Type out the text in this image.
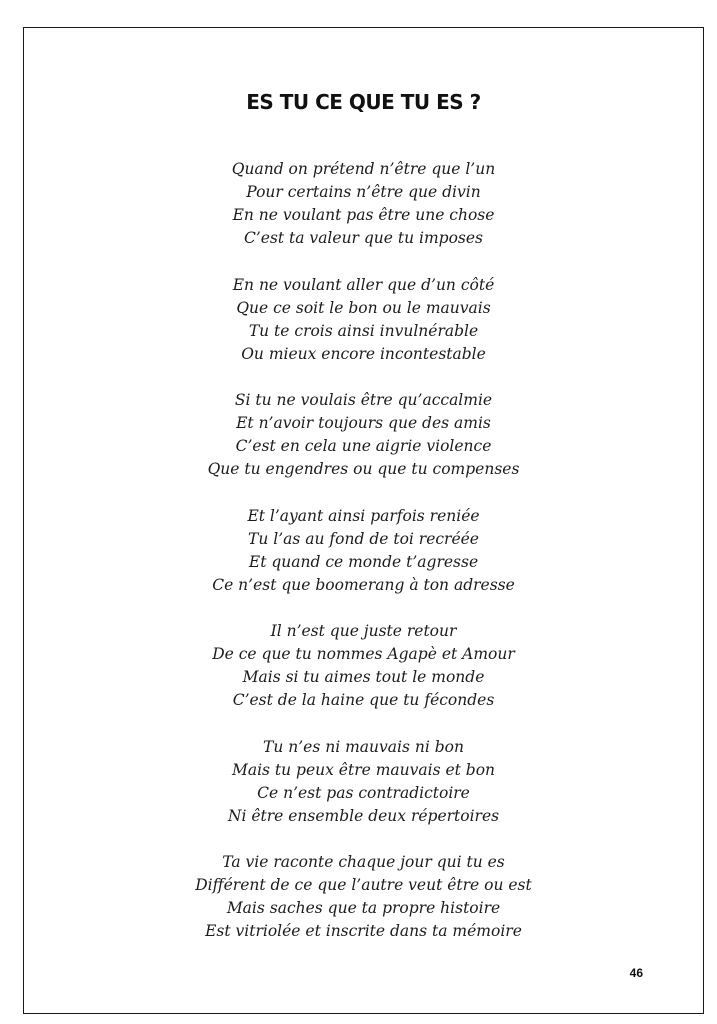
ES TU CE QUE TU ES ?
Quand on prétend n’être que l’un
Pour certains n’être que divin
En ne voulant pas être une chose
C’est ta valeur que tu imposes
En ne voulant aller que d’un côté
Que ce soit le bon ou le mauvais
Tu te crois ainsi invulnérable
Ou mieux encore incontestable
Si tu ne voulais être qu’accalmie
Et n’avoir toujours que des amis
C’est en cela une aigrie violence
Que tu engendres ou que tu compenses
Et l’ayant ainsi parfois reniée
Tu l’as au fond de toi recréée
Et quand ce monde t’agresse
Ce n’est que boomerang à ton adresse
Il n’est que juste retour
De ce que tu nommes Agapè et Amour
Mais si tu aimes tout le monde
C’est de la haine que tu fécondes
Tu n’es ni mauvais ni bon
Mais tu peux être mauvais et bon
Ce n’est pas contradictoire
Ni être ensemble deux répertoires
Ta vie raconte chaque jour qui tu es
Différent de ce que l’autre veut être ou est
Mais saches que ta propre histoire
Est vitriolée et inscrite dans ta mémoire
46
